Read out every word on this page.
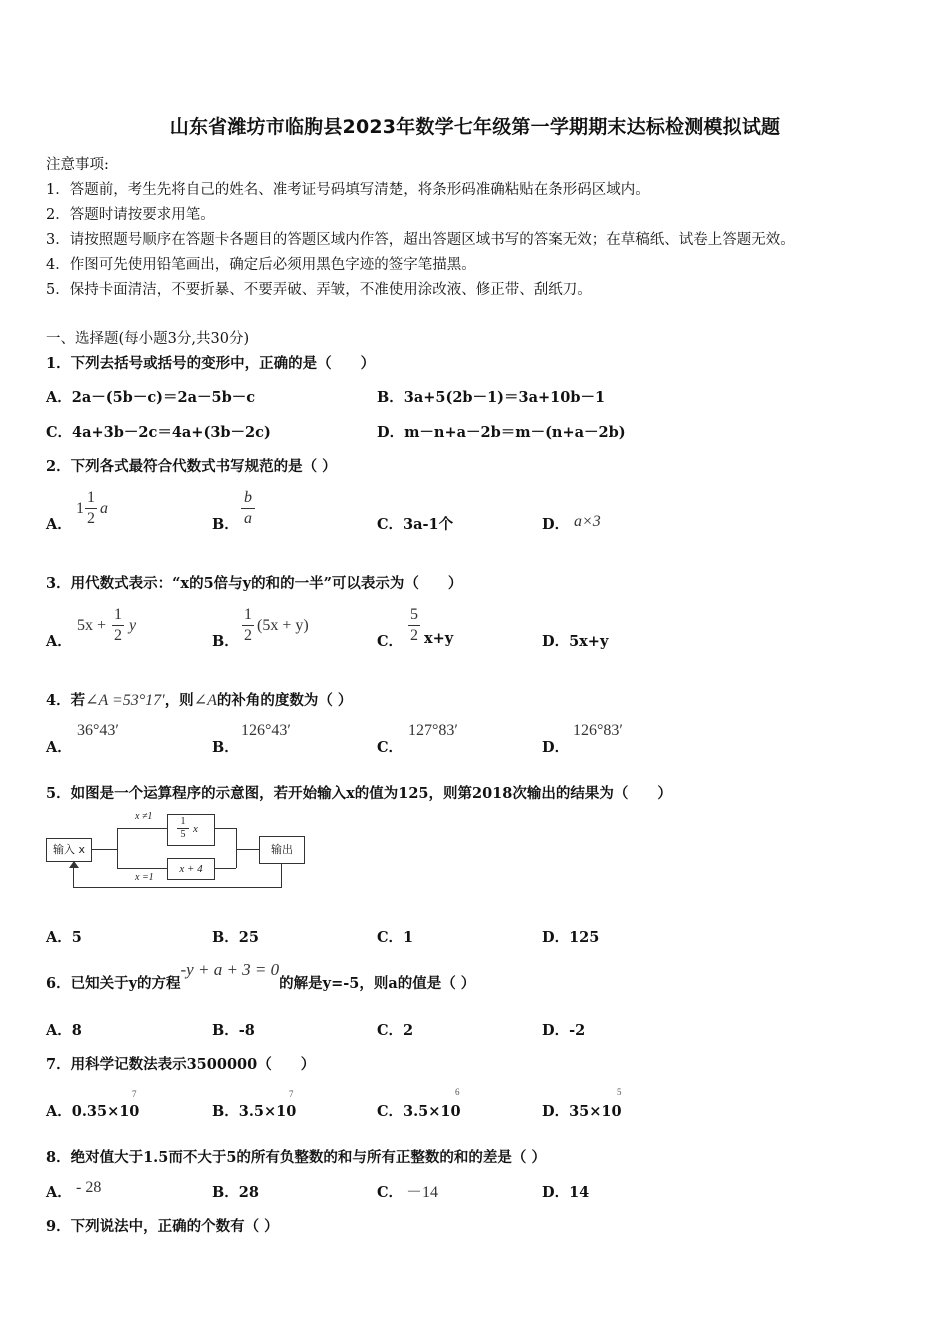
山东省潍坊市临朐县2023年数学七年级第一学期期末达标检测模拟试题
注意事项:
1．答题前，考生先将自己的姓名、准考证号码填写清楚，将条形码准确粘贴在条形码区域内。
2．答题时请按要求用笔。
3．请按照题号顺序在答题卡各题目的答题区域内作答，超出答题区域书写的答案无效；在草稿纸、试卷上答题无效。
4．作图可先使用铅笔画出，确定后必须用黑色字迹的签字笔描黑。
5．保持卡面清洁，不要折暴、不要弄破、弄皱，不准使用涂改液、修正带、刮纸刀。
一、选择题(每小题3分,共30分)
1．下列去括号或括号的变形中，正确的是（　　）
A．2a－(5b－c)＝2a－5b－c	B．3a+5(2b－1)＝3a+10b－1
C．4a+3b－2c＝4a+(3b－2c)	D．m－n+a－2b＝m－(n+a－2b)
2．下列各式最符合代数式书写规范的是（ ）
A．
1
1
2
a
B．
b
a	C．3a-1个	D． a×3
3．用代数式表示：“x的5倍与y的和的一半”可以表示为（　　）
A．
5x +
1
2
y
B．
1
2
(5x + y)
C．
5
2 x+y	D．5x+y
4．若∠A =53°17′，则∠A的补角的度数为（ ）
A．
36°43′
B．
126°43′
C．
127°83′
D．
126°83′
5．如图是一个运算程序的示意图，若开始输入x的值为125，则第2018次输出的结果为（　　）
输入 x	输出
1
5 x
x + 4
x ≠1
x =1
A．5	B．25	C．1	D．125
6．已知关于y的方程-y + a + 3 = 0的解是y=-5，则a的值是（ ）
A．8	B．-8	C．2	D．-2
7．用科学记数法表示3500000（　　）
A．0.35×10
7
B．3.5×10
7
C．3.5×10
6
D．35×10
5
8．绝对值大于1.5而不大于5的所有负整数的和与所有正整数的和的差是（ ）
A． - 28	B．28	C． －14	D．14
9．下列说法中，正确的个数有（ ）
